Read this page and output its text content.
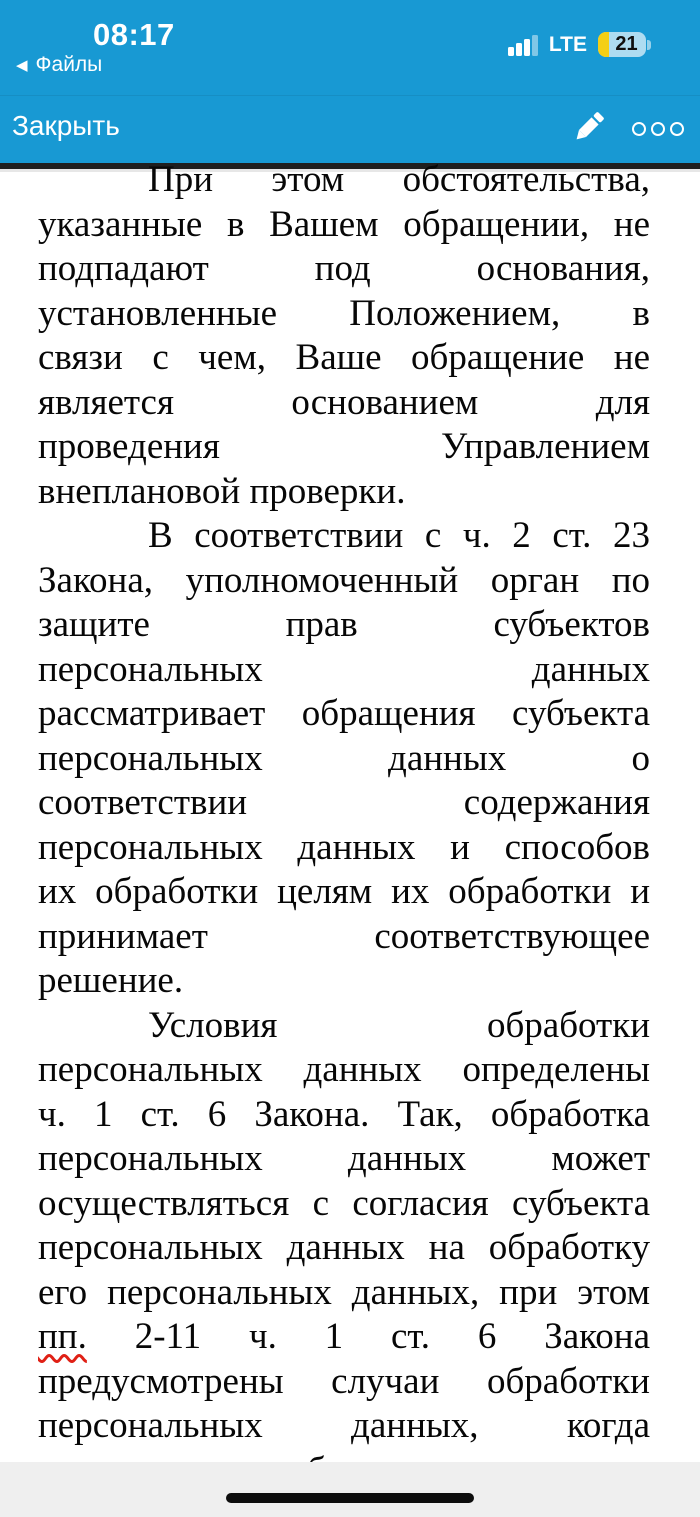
08:17
◀ Файлы
LTE	21
Закрыть
При этом обстоятельства,
указанные в Вашем обращении, не
подпадают под основания,
установленные Положением, в
связи с чем, Ваше обращение не
является основанием для
проведения Управлением
внеплановой проверки.
В соответствии с ч. 2 ст. 23
Закона, уполномоченный орган по
защите прав субъектов
персональных данных
рассматривает обращения субъекта
персональных данных о
соответствии содержания
персональных данных и способов
их обработки целям их обработки и
принимает соответствующее
решение.
Условия обработки
персональных данных определены
ч. 1 ст. 6 Закона. Так, обработка
персональных данных может
осуществляться с согласия субъекта
персональных данных на обработку
его персональных данных, при этом
пп. 2-11 ч. 1 ст. 6 Закона
предусмотрены случаи обработки
персональных данных, когда
